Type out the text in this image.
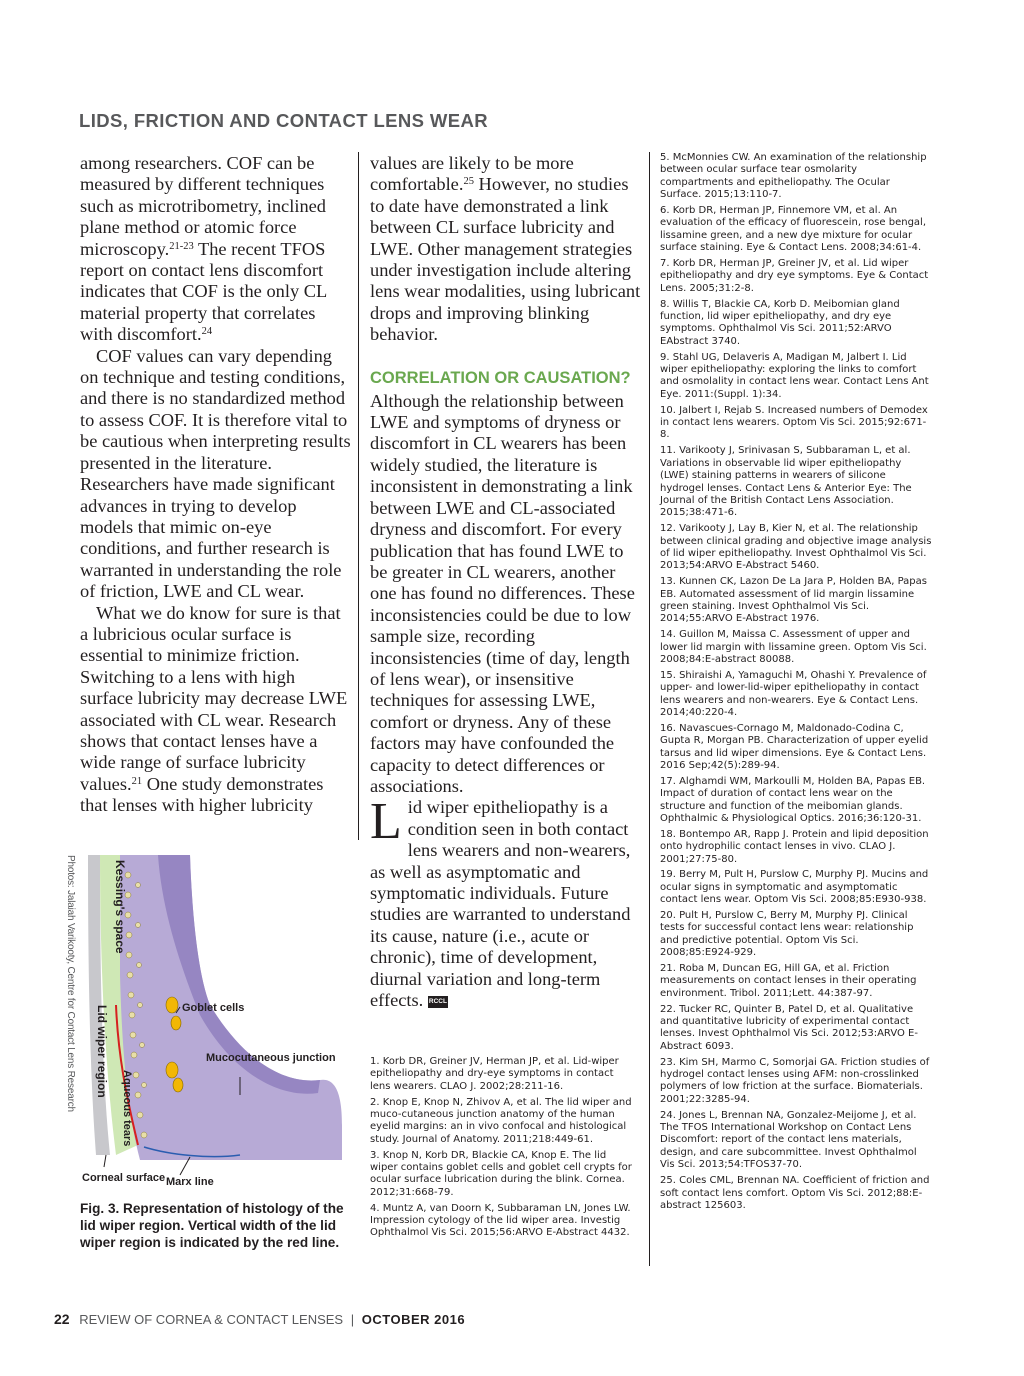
LIDS, FRICTION AND CONTACT LENS WEAR

among researchers. COF can be measured by different techniques such as microtribometry, inclined plane method or atomic force microscopy.$^{21-23}$ The recent TFOS report on contact lens discomfort indicates that COF is the only CL material property that correlates with discomfort.$^{24}$

COF values can vary depending on technique and testing conditions, and there is no standardized method to assess COF. It is therefore vital to be cautious when interpreting results presented in the literature. Researchers have made significant advances in trying to develop models that mimic on-eye conditions, and further research is warranted in understanding the role of friction, LWE and CL wear.

What we do know for sure is that a lubricious ocular surface is essential to minimize friction. Switching to a lens with high surface lubricity may decrease LWE associated with CL wear. Research shows that contact lenses have a wide range of surface lubricity values.$^{21}$ One study demonstrates that lenses with higher lubricity

values are likely to be more comfortable.$^{25}$ However, no studies to date have demonstrated a link between CL surface lubricity and LWE. Other management strategies under investigation include altering lens wear modalities, using lubricant drops and improving blinking behavior.

CORRELATION OR CAUSATION?

Although the relationship between LWE and symptoms of dryness or discomfort in CL wearers has been widely studied, the literature is inconsistent in demonstrating a link between LWE and CL-associated dryness and discomfort. For every publication that has found LWE to be greater in CL wearers, another one has found no differences. These inconsistencies could be due to low sample size, recording inconsistencies (time of day, length of lens wear), or insensitive techniques for assessing LWE, comfort or dryness. Any of these factors may have confounded the capacity to detect differences or associations.

Lid wiper epitheliopathy is a condition seen in both contact lens wearers and non-wearers, as well as asymptomatic and symptomatic individuals. Future studies are warranted to understand its cause, nature (i.e., acute or chronic), time of development, diurnal variation and long-term effects. RCCL

1. Korb DR, Greiner JV, Herman JP, et al. Lid-wiper epitheliopathy and dry-eye symptoms in contact lens wearers. CLAO J. 2002;28:211-16.

2. Knop E, Knop N, Zhivov A, et al. The lid wiper and muco-cutaneous junction anatomy of the human eyelid margins: an in vivo confocal and histological study. Journal of Anatomy. 2011;218:449-61.

3. Knop N, Korb DR, Blackie CA, Knop E. The lid wiper contains goblet cells and goblet cell crypts for ocular surface lubrication during the blink. Cornea. 2012;31:668-79.

4. Muntz A, van Doorn K, Subbaraman LN, Jones LW. Impression cytology of the lid wiper area. Investig Ophthalmol Vis Sci. 2015;56:ARVO E-Abstract 4432.

5. McMonnies CW. An examination of the relationship between ocular surface tear osmolarity compartments and epitheliopathy. The Ocular Surface. 2015;13:110-7.

6. Korb DR, Herman JP, Finnemore VM, et al. An evaluation of the efficacy of fluorescein, rose bengal, lissamine green, and a new dye mixture for ocular surface staining. Eye & Contact Lens. 2008;34:61-4.

7. Korb DR, Herman JP, Greiner JV, et al. Lid wiper epitheliopathy and dry eye symptoms. Eye & Contact Lens. 2005;31:2-8.

8. Willis T, Blackie CA, Korb D. Meibomian gland function, lid wiper epitheliopathy, and dry eye symptoms. Ophthalmol Vis Sci. 2011;52:ARVO EAbstract 3740.

9. Stahl UG, Delaveris A, Madigan M, Jalbert I. Lid wiper epitheliopathy: exploring the links to comfort and osmolality in contact lens wear. Contact Lens Ant Eye. 2011:(Suppl. 1):34.

10. Jalbert I, Rejab S. Increased numbers of Demodex in contact lens wearers. Optom Vis Sci. 2015;92:671-8.

11. Varikooty J, Srinivasan S, Subbaraman L, et al. Variations in observable lid wiper epitheliopathy (LWE) staining patterns in wearers of silicone hydrogel lenses. Contact Lens & Anterior Eye: The Journal of the British Contact Lens Association. 2015;38:471-6.

12. Varikooty J, Lay B, Kier N, et al. The relationship between clinical grading and objective image analysis of lid wiper epitheliopathy. Invest Ophthalmol Vis Sci. 2013;54:ARVO E-Abstract 5460.

13. Kunnen CK, Lazon De La Jara P, Holden BA, Papas EB. Automated assessment of lid margin lissamine green staining. Invest Ophthalmol Vis Sci. 2014;55:ARVO E-Abstract 1976.

14. Guillon M, Maissa C. Assessment of upper and lower lid margin with lissamine green. Optom Vis Sci. 2008;84:E-abstract 80088.

15. Shiraishi A, Yamaguchi M, Ohashi Y. Prevalence of upper- and lower-lid-wiper epitheliopathy in contact lens wearers and non-wearers. Eye & Contact Lens. 2014;40:220-4.

16. Navascues-Cornago M, Maldonado-Codina C, Gupta R, Morgan PB. Characterization of upper eyelid tarsus and lid wiper dimensions. Eye & Contact Lens. 2016 Sep;42(5):289-94.

17. Alghamdi WM, Markoulli M, Holden BA, Papas EB. Impact of duration of contact lens wear on the structure and function of the meibomian glands. Ophthalmic & Physiological Optics. 2016;36:120-31.

18. Bontempo AR, Rapp J. Protein and lipid deposition onto hydrophilic contact lenses in vivo. CLAO J. 2001;27:75-80.

19. Berry M, Pult H, Purslow C, Murphy PJ. Mucins and ocular signs in symptomatic and asymptomatic contact lens wear. Optom Vis Sci. 2008;85:E930-938.

20. Pult H, Purslow C, Berry M, Murphy PJ. Clinical tests for successful contact lens wear: relationship and predictive potential. Optom Vis Sci. 2008;85:E924-929.

21. Roba M, Duncan EG, Hill GA, et al. Friction measurements on contact lenses in their operating environment. Tribol. 2011;Lett. 44:387-97.

22. Tucker RC, Quinter B, Patel D, et al. Qualitative and quantitative lubricity of experimental contact lenses. Invest Ophthalmol Vis Sci. 2012;53:ARVO E-Abstract 6093.

23. Kim SH, Marmo C, Somorjai GA. Friction studies of hydrogel contact lenses using AFM: non-crosslinked polymers of low friction at the surface. Biomaterials. 2001;22:3285-94.

24. Jones L, Brennan NA, Gonzalez-Meijome J, et al. The TFOS International Workshop on Contact Lens Discomfort: report of the contact lens materials, design, and care subcommittee. Invest Ophthalmol Vis Sci. 2013;54:TFOS37-70.

25. Coles CML, Brennan NA. Coefficient of friction and soft contact lens comfort. Optom Vis Sci. 2012;88:E-abstract 125603.

Photos: Jalaiah Varikooty, Centre for Contact Lens Research	Kessing's space
Lid wiper region	Goblet cells
Mucocutaneous junction
Aqueous tears
Corneal surface Marx line
Fig. 3. Representation of histology of the lid wiper region. Vertical width of the lid wiper region is indicated by the red line.
22 REVIEW OF CORNEA & CONTACT LENSES | OCTOBER 2016
